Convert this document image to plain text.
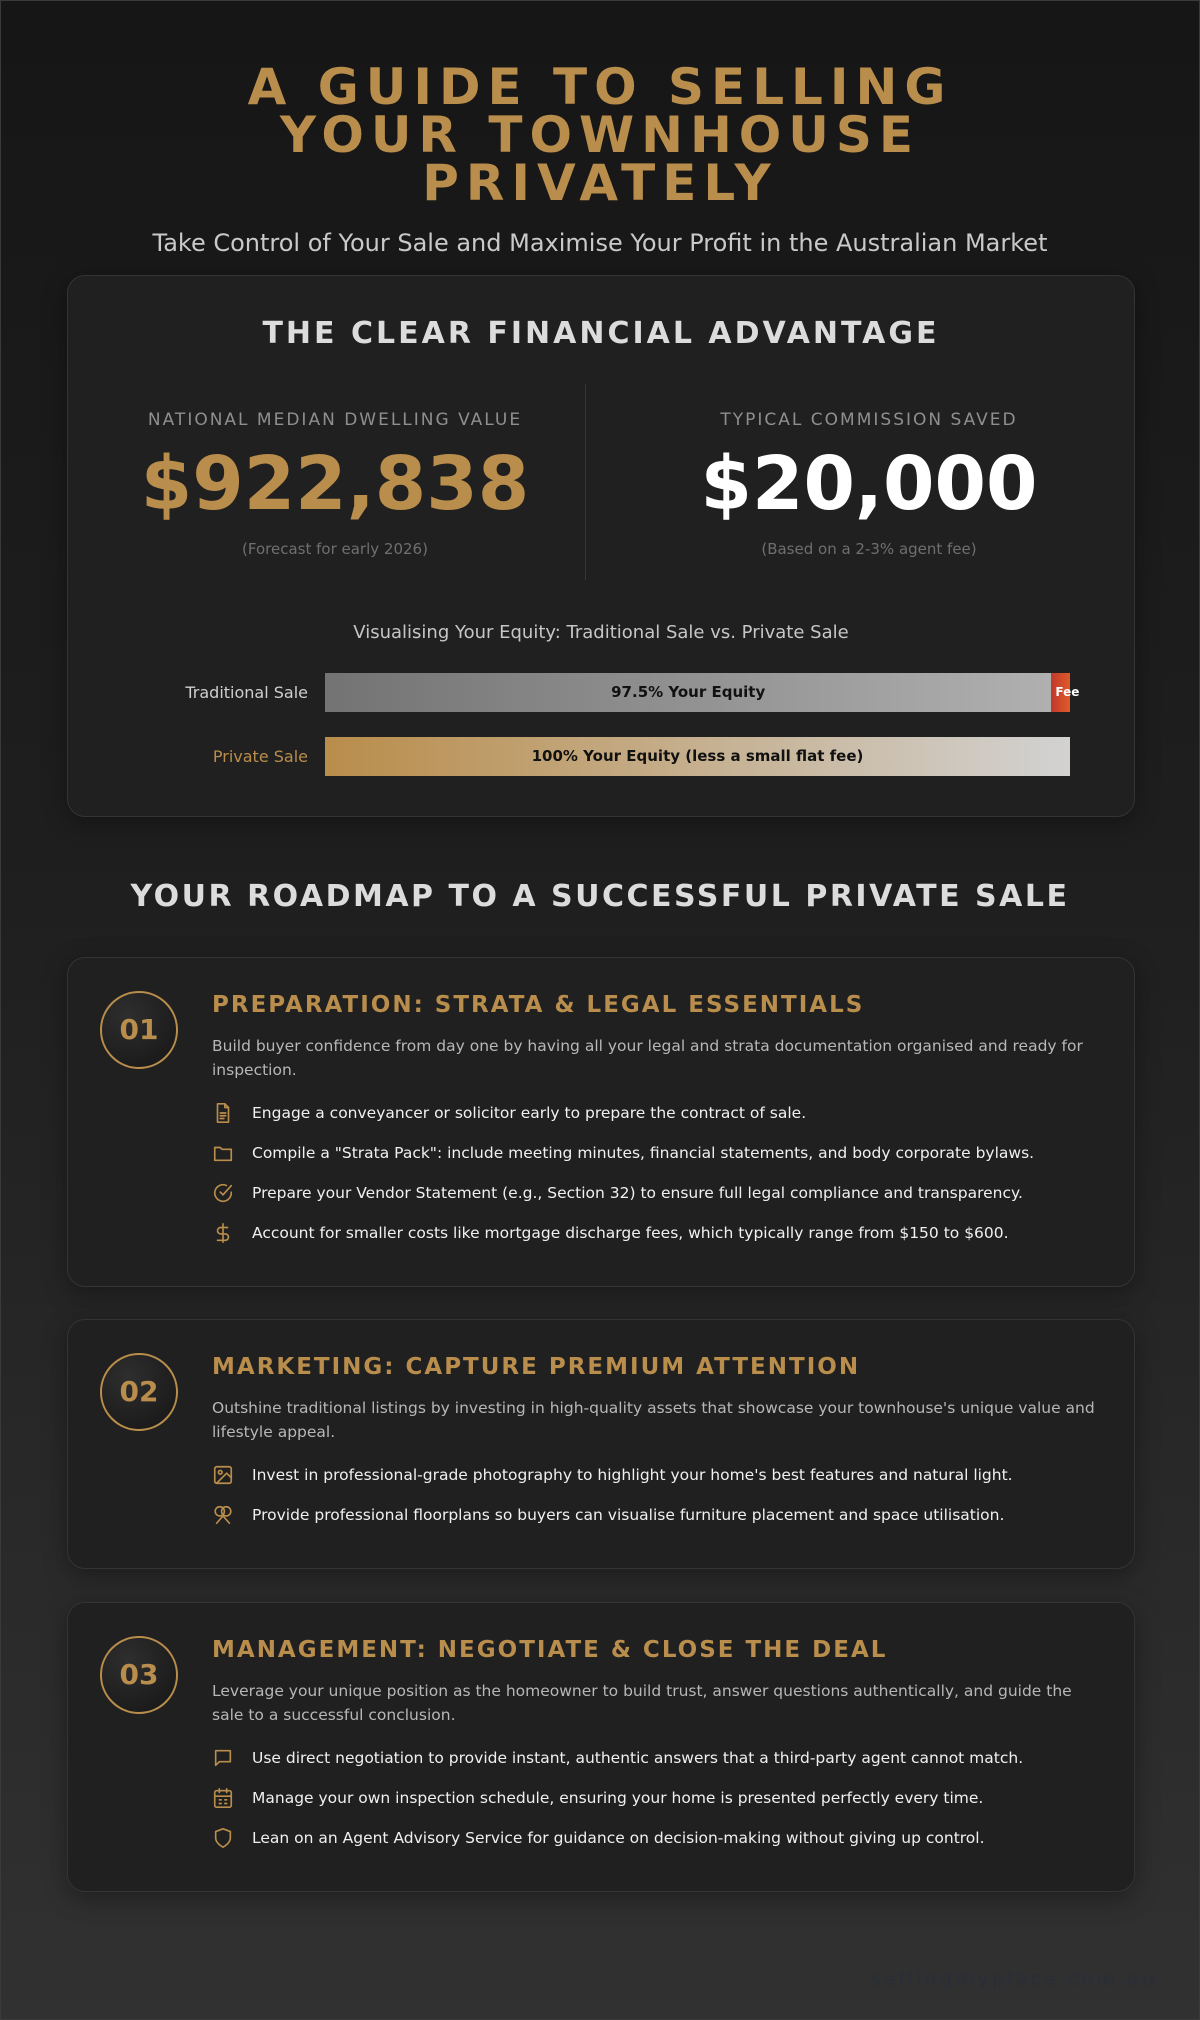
A GUIDE TO SELLING YOUR TOWNHOUSE PRIVATELY

Take Control of Your Sale and Maximise Your Profit in the Australian Market

THE CLEAR FINANCIAL ADVANTAGE
NATIONAL MEDIAN DWELLING VALUE
$922,838
(Forecast for early 2026)
TYPICAL COMMISSION SAVED
$20,000
(Based on a 2-3% agent fee)
Visualising Your Equity: Traditional Sale vs. Private Sale
Traditional Sale	Fee
97.5% Your Equity
Private Sale	100% Your Equity (less a small flat fee)
YOUR ROADMAP TO A SUCCESSFUL PRIVATE SALE
01
PREPARATION: STRATA & LEGAL ESSENTIALS

Build buyer confidence from day one by having all your legal and strata documentation organised and ready for inspection.

Engage a conveyancer or solicitor early to prepare the contract of sale.
Compile a "Strata Pack": include meeting minutes, financial statements, and body corporate bylaws.
Prepare your Vendor Statement (e.g., Section 32) to ensure full legal compliance and transparency.
Account for smaller costs like mortgage discharge fees, which typically range from $150 to $600.
02
MARKETING: CAPTURE PREMIUM ATTENTION

Outshine traditional listings by investing in high-quality assets that showcase your townhouse's unique value and lifestyle appeal.

Invest in professional-grade photography to highlight your home's best features and natural light.
Provide professional floorplans so buyers can visualise furniture placement and space utilisation.
03
MANAGEMENT: NEGOTIATE & CLOSE THE DEAL

Leverage your unique position as the homeowner to build trust, answer questions authentically, and guide the sale to a successful conclusion.

Use direct negotiation to provide instant, authentic answers that a third-party agent cannot match.
Manage your own inspection schedule, ensuring your home is presented perfectly every time.
Lean on an Agent Advisory Service for guidance on decision-making without giving up control.
sellingmyplace.com.au
